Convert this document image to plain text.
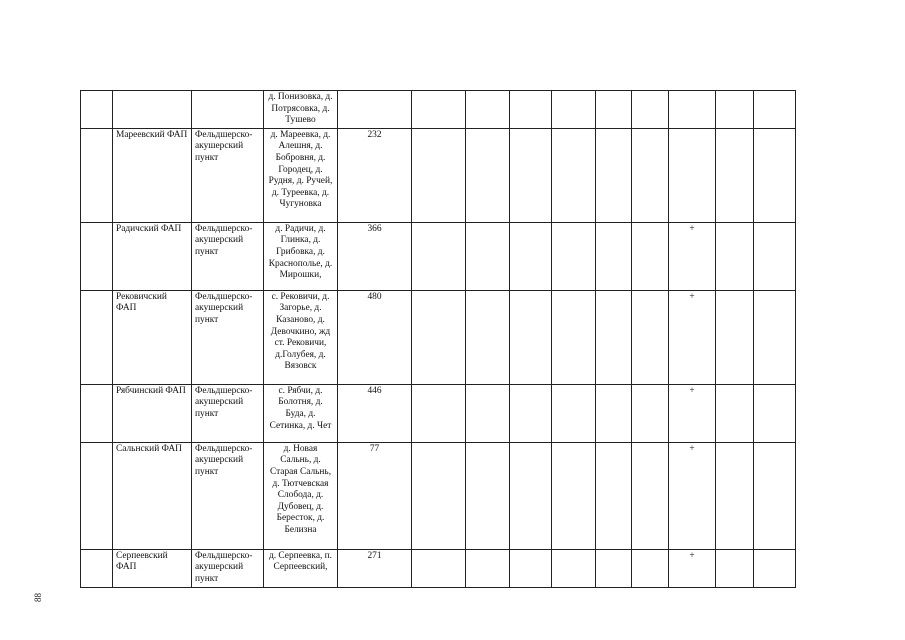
			д. Понизовка, д. Потрясовка, д. Тушево										
	Мареевский ФАП	Фельдшерско-акушерский пункт	д. Мареевка, д. Алешня, д. Бобровня, д. Городец, д. Рудня, д. Ручей, д. Туреевка, д. Чугуновка	232									
	Радичский ФАП	Фельдшерско-акушерский пункт	д. Радичи, д. Глинка, д. Грибовка, д. Краснополье, д. Мирошки,	366							+		
	Рековичский ФАП	Фельдшерско-акушерский пункт	с. Рековичи, д. Загорье, д. Казаново, д. Девочкино, жд ст. Рековичи, д.Голубея, д. Вязовск	480							+		
	Рябчинский ФАП	Фельдшерско-акушерский пункт	с. Рябчи, д. Болотня, д. Буда, д. Сетинка, д. Чет	446							+		
	Сальнский ФАП	Фельдшерско-акушерский пункт	д. Новая Сальнь, д. Старая Сальнь, д. Тютчевская Слобода, д. Дубовец, д. Бересток, д. Белизна	77							+		
	Серпеевский ФАП	Фельдшерско-акушерский пункт	д. Серпеевка, п. Серпеевский,	271							+		
88
